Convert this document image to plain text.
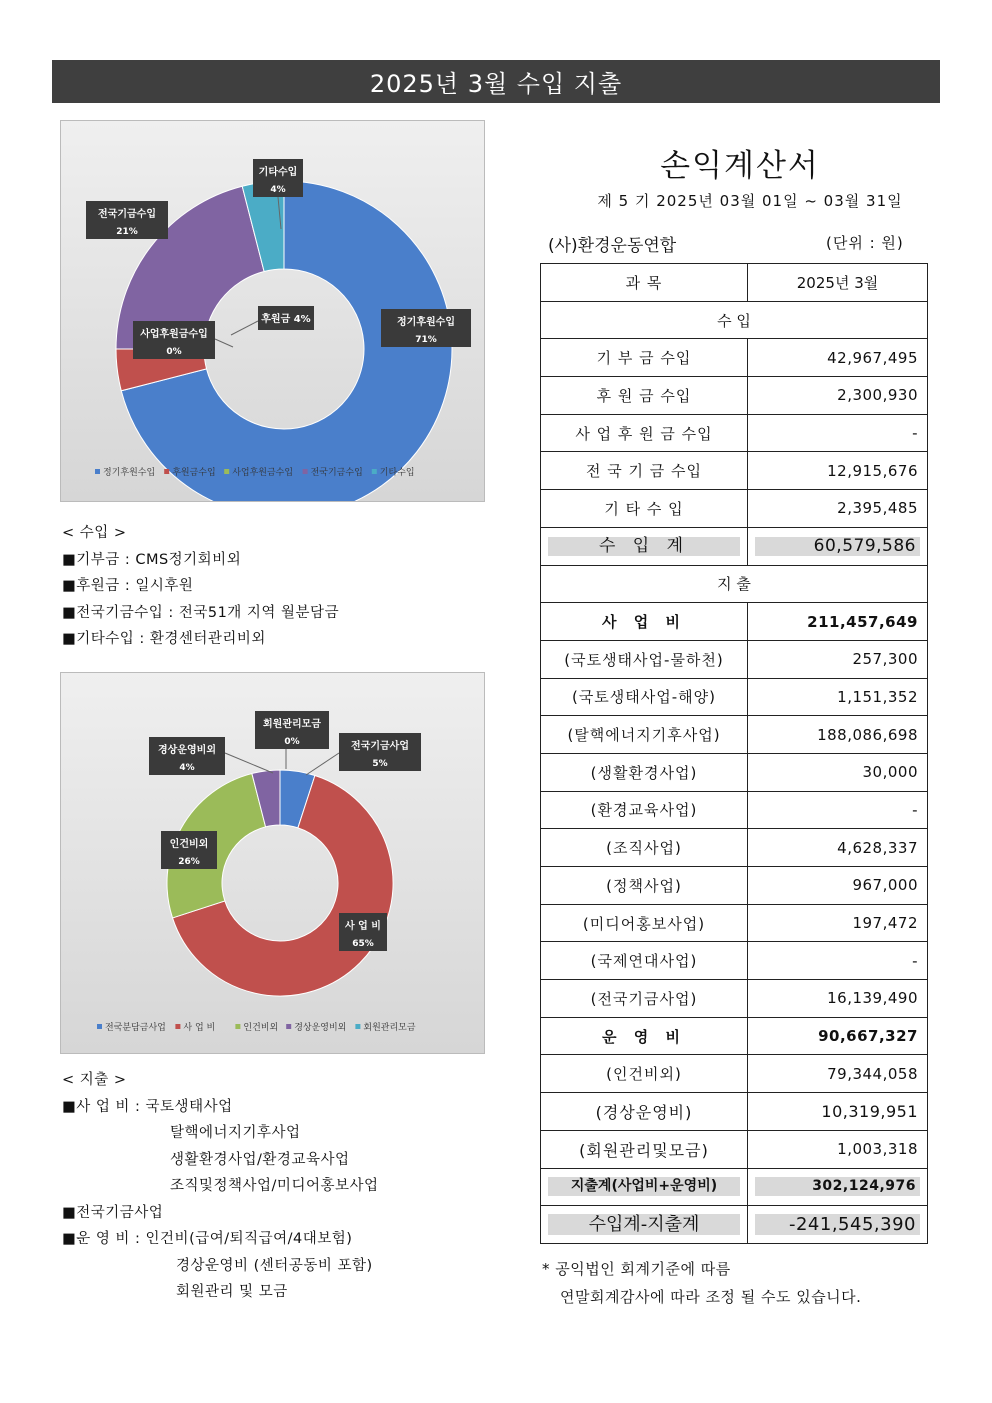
2025년 3월 수입 지출
기타수입
4%
전국기금수입
21%
후원금 4%	정기후원수입
71%
사업후원금수입
0%
정기후원수입 후원금수입 사업후원금수입 전국기금수입 기타수입
< 수입 >
■기부금 : CMS정기회비외
■후원금 : 일시후원
■전국기금수입 : 전국51개 지역 월분담금
■기타수입 : 환경센터관리비외
회원관리모금
0%
경상운영비외
4%
전국기금사업
5%
인건비외
26%
사 업 비
65%
전국분담금사업 사 업 비	인건비외 경상운영비외 회원관리모금
< 지출 >
■사 업 비 : 국토생태사업
탈핵에너지기후사업
생활환경사업/환경교육사업
조직및정책사업/미디어홍보사업
■전국기금사업
■운 영 비 : 인건비(급여/퇴직급여/4대보험)
경상운영비 (센터공동비 포함)
회원관리 및 모금
손익계산서
제 5 기 2025년 03월 01일 ~ 03월 31일
(사)환경운동연합	(단위 : 원)
과 목	2025년 3월
수 입	
기 부 금 수입	42,967,495
후 원 금 수입	2,300,930
사 업 후 원 금 수입	-
전 국 기 금 수입	12,915,676
기 타 수 입	2,395,485

수 입 계	60,579,586

지 출	
사 업 비	211,457,649
(국토생태사업-물하천)	257,300
(국토생태사업-해양)	1,151,352
(탈핵에너지기후사업)	188,086,698
(생활환경사업)	30,000
(환경교육사업)	-
(조직사업)	4,628,337
(정책사업)	967,000
(미디어홍보사업)	197,472
(국제연대사업)	-
(전국기금사업)	16,139,490
운 영 비	90,667,327
(인건비외)	79,344,058
(경상운영비)	10,319,951
(회원관리및모금)	1,003,318

지출계(사업비+운영비)	302,124,976

수입계-지출계	-241,545,390
* 공익법인 회계기준에 따름
연말회계감사에 따라 조정 될 수도 있습니다.
